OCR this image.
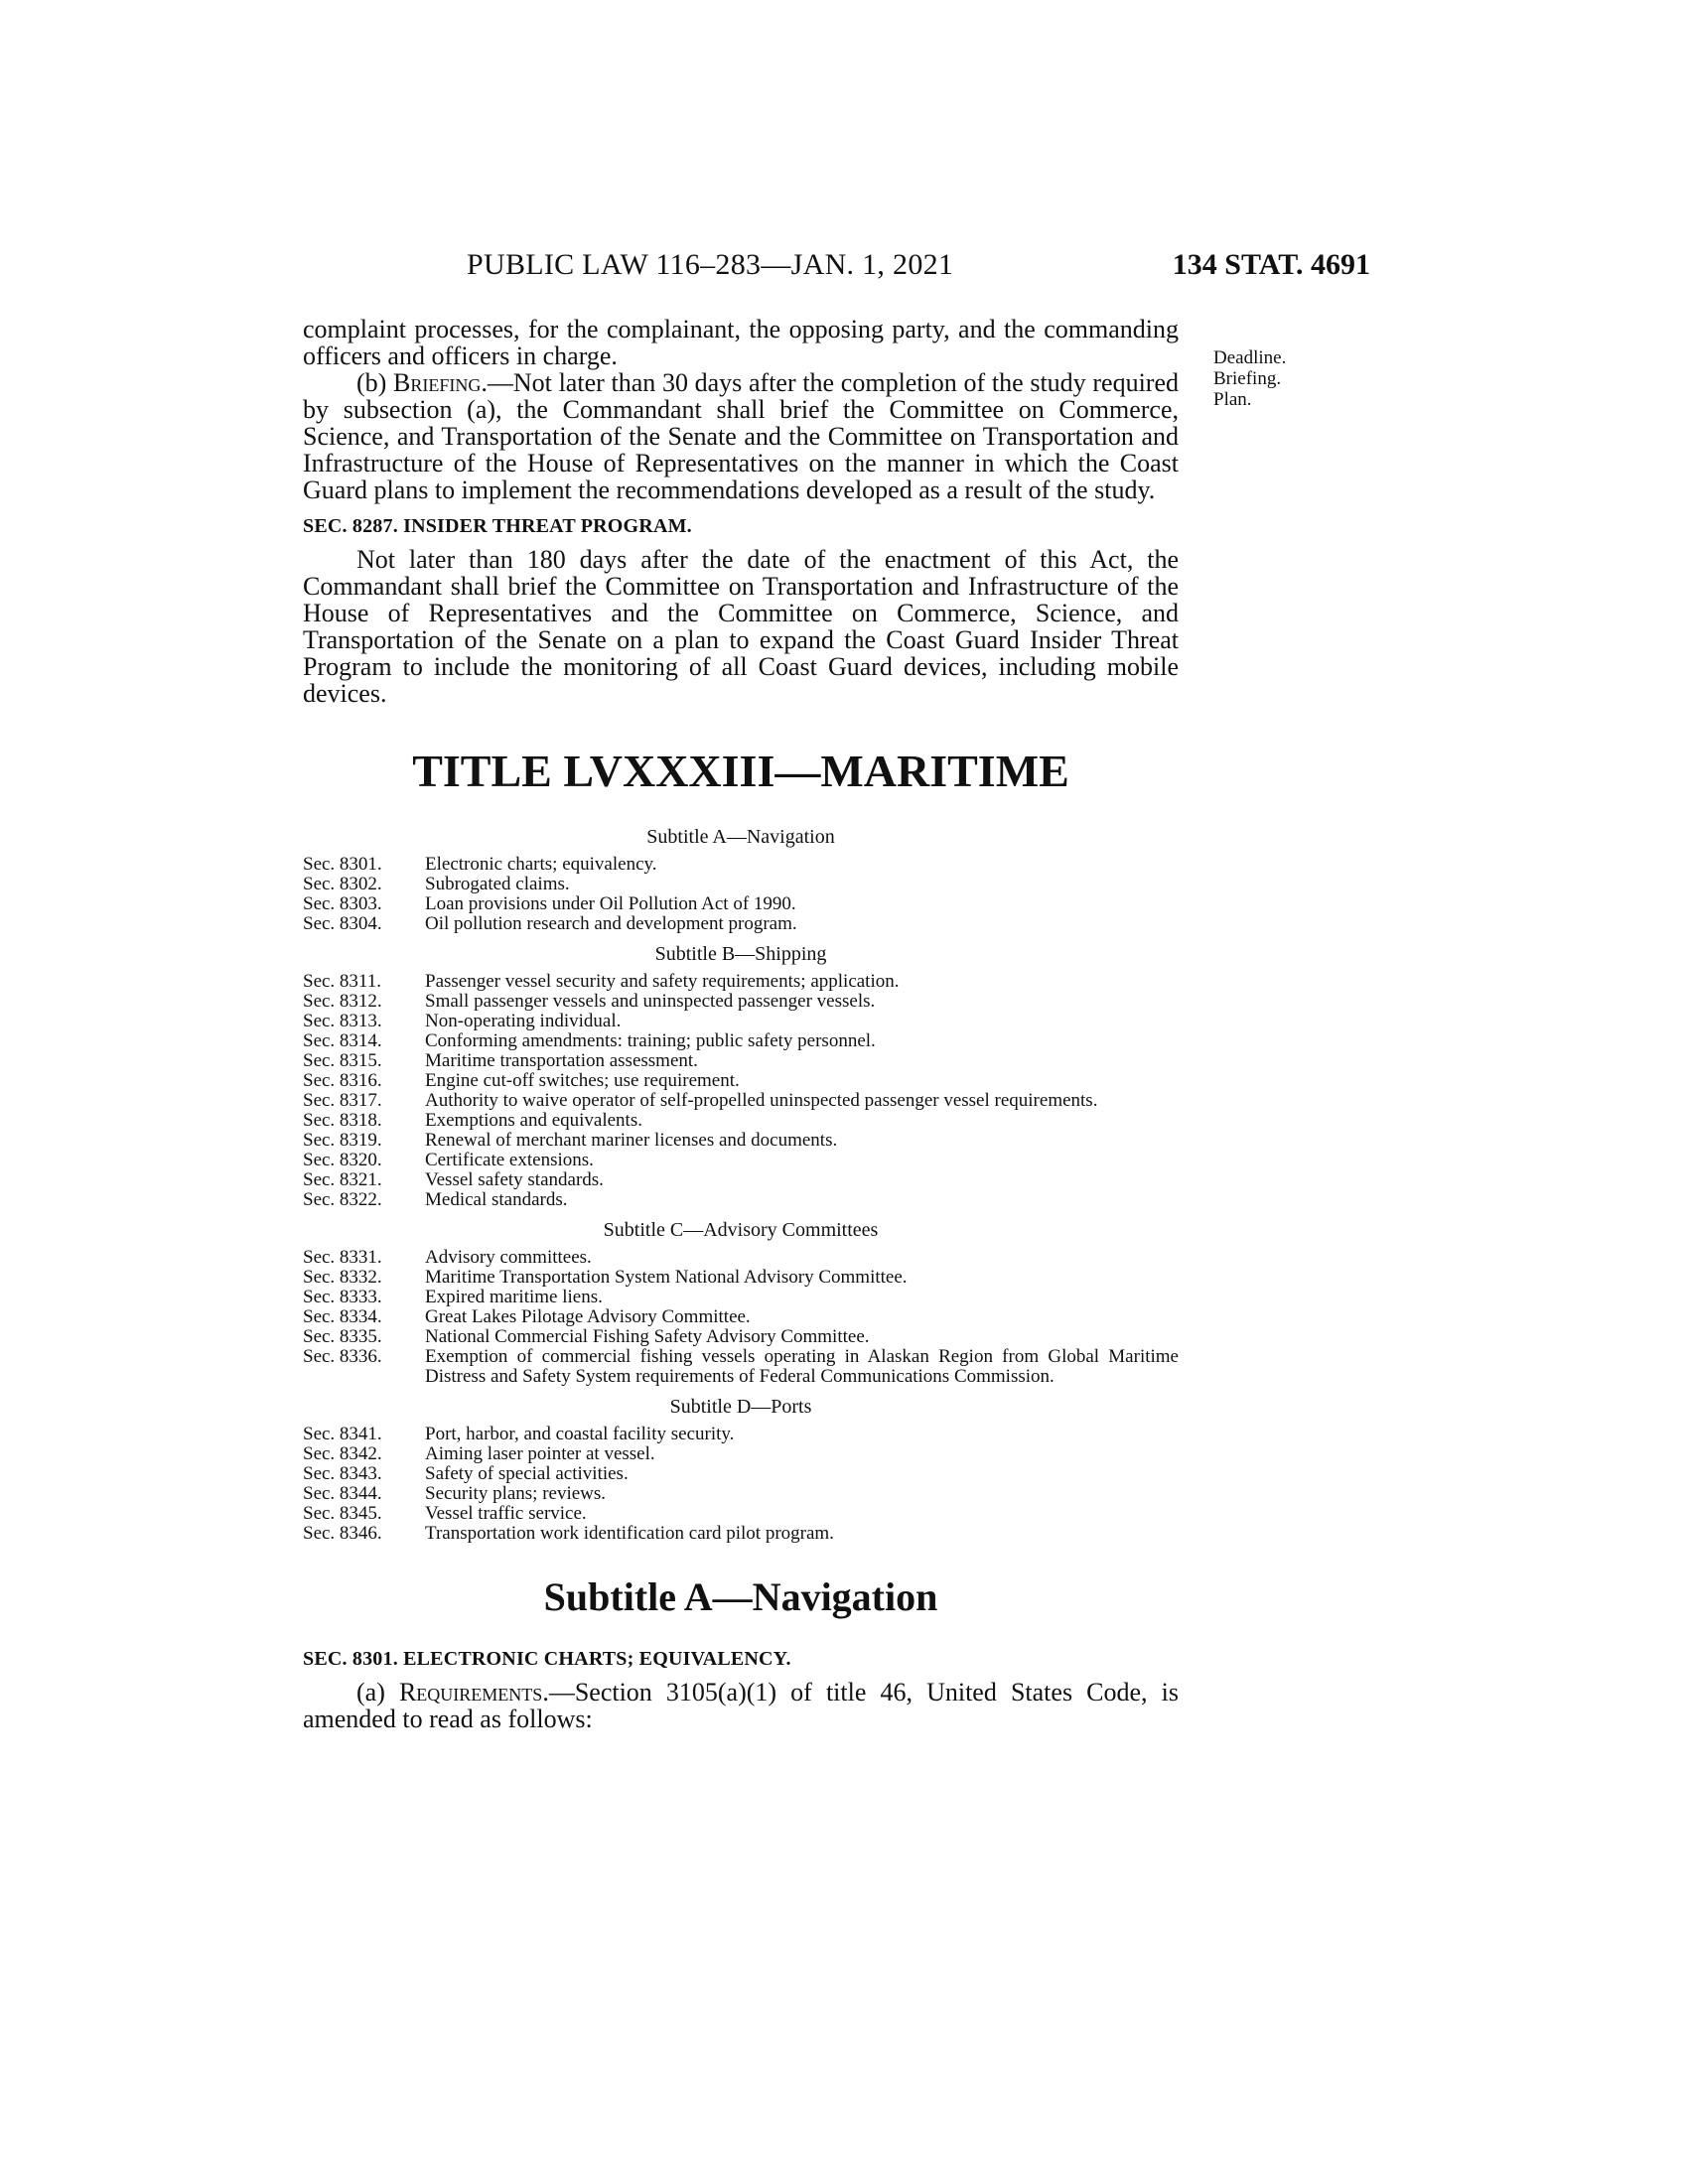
PUBLIC LAW 116–283—JAN. 1, 2021	134 STAT. 4691
Deadline.
Briefing.
Plan.

complaint processes, for the complainant, the opposing party, and the commanding officers and officers in charge.

(b) Briefing.—Not later than 30 days after the completion of the study required by subsection (a), the Commandant shall brief the Committee on Commerce, Science, and Transportation of the Senate and the Committee on Transportation and Infrastructure of the House of Representatives on the manner in which the Coast Guard plans to implement the recommendations developed as a result of the study.

SEC. 8287. INSIDER THREAT PROGRAM.

Not later than 180 days after the date of the enactment of this Act, the Commandant shall brief the Committee on Transportation and Infrastructure of the House of Representatives and the Committee on Commerce, Science, and Transportation of the Senate on a plan to expand the Coast Guard Insider Threat Program to include the monitoring of all Coast Guard devices, including mobile devices.

TITLE LVXXXIII—MARITIME
Subtitle A—Navigation
Sec. 8301.	Electronic charts; equivalency.
Sec. 8302.	Subrogated claims.
Sec. 8303.	Loan provisions under Oil Pollution Act of 1990.
Sec. 8304.	Oil pollution research and development program.
Subtitle B—Shipping
Sec. 8311.	Passenger vessel security and safety requirements; application.
Sec. 8312.	Small passenger vessels and uninspected passenger vessels.
Sec. 8313.	Non-operating individual.
Sec. 8314.	Conforming amendments: training; public safety personnel.
Sec. 8315.	Maritime transportation assessment.
Sec. 8316.	Engine cut-off switches; use requirement.
Sec. 8317.	Authority to waive operator of self-propelled uninspected passenger vessel requirements.
Sec. 8318.	Exemptions and equivalents.
Sec. 8319.	Renewal of merchant mariner licenses and documents.
Sec. 8320.	Certificate extensions.
Sec. 8321.	Vessel safety standards.
Sec. 8322.	Medical standards.
Subtitle C—Advisory Committees
Sec. 8331.	Advisory committees.
Sec. 8332.	Maritime Transportation System National Advisory Committee.
Sec. 8333.	Expired maritime liens.
Sec. 8334.	Great Lakes Pilotage Advisory Committee.
Sec. 8335.	National Commercial Fishing Safety Advisory Committee.
Sec. 8336.	Exemption of commercial fishing vessels operating in Alaskan Region from Global Maritime Distress and Safety System requirements of Federal Communications Commission.
Subtitle D—Ports
Sec. 8341.	Port, harbor, and coastal facility security.
Sec. 8342.	Aiming laser pointer at vessel.
Sec. 8343.	Safety of special activities.
Sec. 8344.	Security plans; reviews.
Sec. 8345.	Vessel traffic service.
Sec. 8346.	Transportation work identification card pilot program.
Subtitle A—Navigation
SEC. 8301. ELECTRONIC CHARTS; EQUIVALENCY.

(a) Requirements.—Section 3105(a)(1) of title 46, United States Code, is amended to read as follows:
